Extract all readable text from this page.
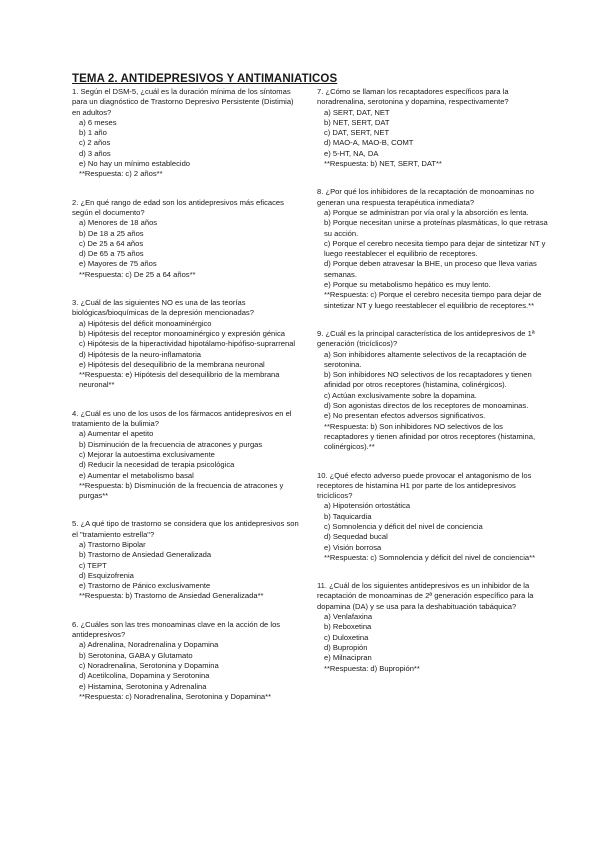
TEMA 2. ANTIDEPRESIVOS Y ANTIMANIATICOS

1. Según el DSM-5, ¿cuál es la duración mínima de los síntomas para un diagnóstico de Trastorno Depresivo Persistente (Distimia) en adultos?

a) 6 meses

b) 1 año

c) 2 años

d) 3 años

e) No hay un mínimo establecido

**Respuesta: c) 2 años**

2. ¿En qué rango de edad son los antidepresivos más eficaces según el documento?

a) Menores de 18 años

b) De 18 a 25 años

c) De 25 a 64 años

d) De 65 a 75 años

e) Mayores de 75 años

**Respuesta: c) De 25 a 64 años**

3. ¿Cuál de las siguientes NO es una de las teorías biológicas/bioquímicas de la depresión mencionadas?

a) Hipótesis del déficit monoaminérgico

b) Hipótesis del receptor monoaminérgico y expresión génica

c) Hipótesis de la hiperactividad hipotálamo-hipófiso-suprarrenal

d) Hipótesis de la neuro-inflamatoria

e) Hipótesis del desequilibrio de la membrana neuronal

**Respuesta: e) Hipótesis del desequilibrio de la membrana neuronal**

4. ¿Cuál es uno de los usos de los fármacos antidepresivos en el tratamiento de la bulimia?

a) Aumentar el apetito

b) Disminución de la frecuencia de atracones y purgas

c) Mejorar la autoestima exclusivamente

d) Reducir la necesidad de terapia psicológica

e) Aumentar el metabolismo basal

**Respuesta: b) Disminución de la frecuencia de atracones y purgas**

5. ¿A qué tipo de trastorno se considera que los antidepresivos son el "tratamiento estrella"?

a) Trastorno Bipolar

b) Trastorno de Ansiedad Generalizada

c) TEPT

d) Esquizofrenia

e) Trastorno de Pánico exclusivamente

**Respuesta: b) Trastorno de Ansiedad Generalizada**

6. ¿Cuáles son las tres monoaminas clave en la acción de los antidepresivos?

a) Adrenalina, Noradrenalina y Dopamina

b) Serotonina, GABA y Glutamato

c) Noradrenalina, Serotonina y Dopamina

d) Acetilcolina, Dopamina y Serotonina

e) Histamina, Serotonina y Adrenalina

**Respuesta: c) Noradrenalina, Serotonina y Dopamina**

7. ¿Cómo se llaman los recaptadores específicos para la noradrenalina, serotonina y dopamina, respectivamente?

a) SERT, DAT, NET

b) NET, SERT, DAT

c) DAT, SERT, NET

d) MAO-A, MAO-B, COMT

e) 5-HT, NA, DA

**Respuesta: b) NET, SERT, DAT**

8. ¿Por qué los inhibidores de la recaptación de monoaminas no generan una respuesta terapéutica inmediata?

a) Porque se administran por vía oral y la absorción es lenta.

b) Porque necesitan unirse a proteínas plasmáticas, lo que retrasa su acción.

c) Porque el cerebro necesita tiempo para dejar de sintetizar NT y luego reestablecer el equilibrio de receptores.

d) Porque deben atravesar la BHE, un proceso que lleva varias semanas.

e) Porque su metabolismo hepático es muy lento.

**Respuesta: c) Porque el cerebro necesita tiempo para dejar de sintetizar NT y luego reestablecer el equilibrio de receptores.**

9. ¿Cuál es la principal característica de los antidepresivos de 1ª generación (tricíclicos)?

a) Son inhibidores altamente selectivos de la recaptación de serotonina.

b) Son inhibidores NO selectivos de los recaptadores y tienen afinidad por otros receptores (histamina, colinérgicos).

c) Actúan exclusivamente sobre la dopamina.

d) Son agonistas directos de los receptores de monoaminas.

e) No presentan efectos adversos significativos.

**Respuesta: b) Son inhibidores NO selectivos de los recaptadores y tienen afinidad por otros receptores (histamina, colinérgicos).**

10. ¿Qué efecto adverso puede provocar el antagonismo de los receptores de histamina H1 por parte de los antidepresivos tricíclicos?

a) Hipotensión ortostática

b) Taquicardia

c) Somnolencia y déficit del nivel de conciencia

d) Sequedad bucal

e) Visión borrosa

**Respuesta: c) Somnolencia y déficit del nivel de conciencia**

11. ¿Cuál de los siguientes antidepresivos es un inhibidor de la recaptación de monoaminas de 2ª generación específico para la dopamina (DA) y se usa para la deshabituación tabáquica?

a) Venlafaxina

b) Reboxetina

c) Duloxetina

d) Bupropión

e) Milnacipran

**Respuesta: d) Bupropión**
